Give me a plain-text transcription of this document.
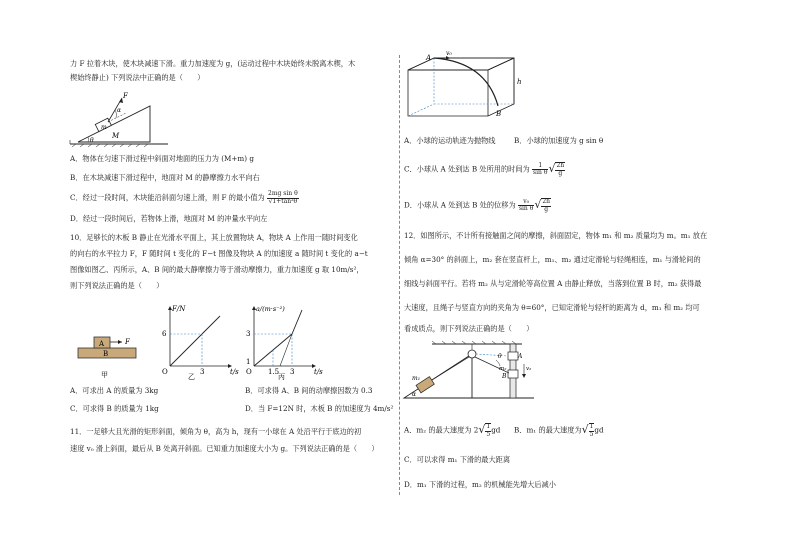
力 F 拉着木块，使木块减速下滑。重力加速度为 g，(运动过程中木块始终未脱离木楔，木
楔始终静止) 下列说法中正确的是（　　）
F
α
m
M
θ
A．物体在匀速下滑过程中斜面对地面的压力为 (M+m) g
B．在木块减速下滑过程中，地面对 M 的静摩擦力水平向右
C．经过一段时间，木块能沿斜面匀速上滑，则 F 的最小值为 $\frac{\text{2mg sin θ}}{\text{√1+tan²θ}}$
D．经过一段时间后，若物体上滑，地面对 M 的冲量水平向左
10．足够长的木板 B 静止在光滑水平面上，其上放置物块 A，物块 A 上作用一随时间变化
的向右的水平拉力 F，F 随时间 t 变化的 F−t 图像及物块 A 的加速度 a 随时间 t 变化的 a−t
图像如图乙、丙所示，A、B 间的最大静摩擦力等于滑动摩擦力，重力加速度 g 取 10m/s²，
则下列说法正确的是（　　）
A
B
F
甲
F/N
6
3	t/s
O
乙
a/(m·s⁻²)
3
1
1.5 3	t/s
O
丙
A．可求出 A 的质量为 3kg	B．可求得 A、B 间的动摩擦因数为 0.3
C．可求得 B 的质量为 1kg	D．当 F=12N 时，木板 B 的加速度为 4m/s²
11．一足够大且光滑的矩形斜面，倾角为 θ，高为 h，现有一小球在 A 处沿平行于底边的初
速度 v₀ 滑上斜面，最后从 B 处离开斜面。已知重力加速度大小为 g。下列说法正确的是（　　）
A
v₀
h
B
A．小球的运动轨迹为抛物线	B．小球的加速度为 g sin θ
C．小球从 A 处到达 B 处所用的时间为 $\frac{1}{\text{sin θ}}$ √ $\frac{2h}{g}$
D．小球从 A 处到达 B 处的位移为 $\frac{\text{v₀}}{\text{sin θ}}$ √ $\frac{2h}{g}$
12．如图所示，不计所有接触面之间的摩擦，斜面固定，物体 m₁ 和 m₂ 质量均为 m。m₁ 放在
倾角 α=30° 的斜面上，m₂ 套在竖直杆上，m₁、m₂ 通过定滑轮与轻绳相连，m₁ 与滑轮间的
细线与斜面平行。若将 m₂ 从与定滑轮等高位置 A 由静止释放，当落到位置 B 时，m₂ 获得最
大速度，且绳子与竖直方向的夹角为 θ=60°，已知定滑轮与轻杆的距离为 d，m₁ 和 m₂ 均可
看成质点，则下列说法正确的是（　　）
m₁
α
θ	A
B
m₂	v₂
A．m₂ 的最大速度为 $2√ \frac{1}{5}$ gd B．m₁ 的最大速度为√ $\frac{1}{5}$ gd
C．可以求得 m₁ 下滑的最大距离
D．m₁ 下滑的过程，m₂ 的机械能先增大后减小
